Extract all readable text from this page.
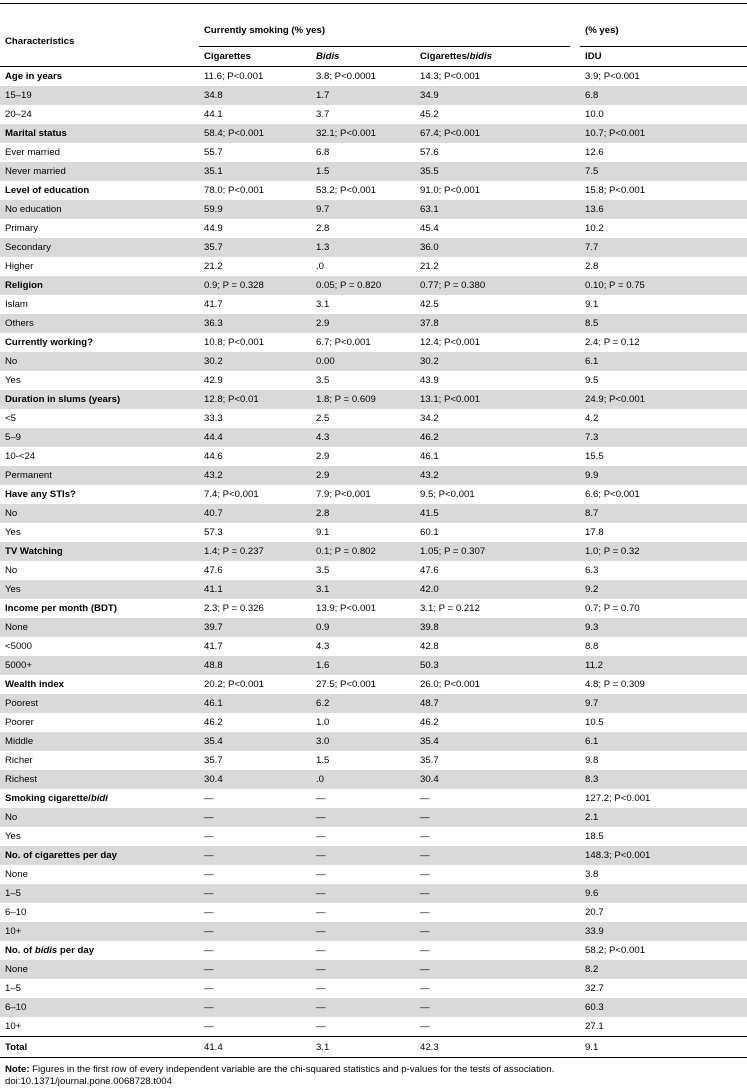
Characteristics	Currently smoking (% yes)				(% yes)
	Cigarettes	Bidis	Cigarettes/bidis		IDU
Age in years	11.6; P<0.001	3.8; P<0.0001	14.3; P<0.001		3.9; P<0.001
15–19	34.8	1.7	34.9		6.8
20–24	44.1	3.7	45.2		10.0
Marital status	58.4; P<0.001	32.1; P<0.001	67.4; P<0.001		10.7; P<0.001
Ever married	55.7	6.8	57.6		12.6
Never married	35.1	1.5	35.5		7.5
Level of education	78.0; P<0.001	53.2; P<0.001	91.0; P<0.001		15.8; P<0.001
No education	59.9	9.7	63.1		13.6
Primary	44.9	2.8	45.4		10.2
Secondary	35.7	1.3	36.0		7.7
Higher	21.2	.0	21.2		2.8
Religion	0.9; P = 0.328	0.05; P = 0.820	0.77; P = 0.380		0.10; P = 0.75
Islam	41.7	3.1	42.5		9.1
Others	36.3	2.9	37.8		8.5
Currently working?	10.8; P<0.001	6.7; P<0.001	12.4; P<0.001		2.4; P = 0.12
No	30.2	0.00	30.2		6.1
Yes	42.9	3.5	43.9		9.5
Duration in slums (years)	12.8; P<0.01	1.8; P = 0.609	13.1; P<0.001		24.9; P<0.001
<5	33.3	2.5	34.2		4.2
5–9	44.4	4.3	46.2		7.3
10-<24	44.6	2.9	46.1		15.5
Permanent	43.2	2.9	43.2		9.9
Have any STIs?	7.4; P<0.001	7.9; P<0.001	9.5; P<0.001		6.6; P<0.001
No	40.7	2.8	41.5		8.7
Yes	57.3	9.1	60.1		17.8
TV Watching	1.4; P = 0.237	0.1; P = 0.802	1.05; P = 0.307		1.0; P = 0.32
No	47.6	3.5	47.6		6.3
Yes	41.1	3.1	42.0		9.2
Income per month (BDT)	2.3; P = 0.326	13.9; P<0.001	3.1; P = 0.212		0.7; P = 0.70
None	39.7	0.9	39.8		9.3
<5000	41.7	4.3	42.8		8.8
5000+	48.8	1.6	50.3		11.2
Wealth index	20.2; P<0.001	27.5; P<0.001	26.0; P<0.001		4.8; P = 0.309
Poorest	46.1	6.2	48.7		9.7
Poorer	46.2	1.0	46.2		10.5
Middle	35.4	3.0	35.4		6.1
Richer	35.7	1.5	35.7		9.8
Richest	30.4	.0	30.4		8.3
Smoking cigarette/bidi	—	—	—		127.2; P<0.001
No	—	—	—		2.1
Yes	—	—	—		18.5
No. of cigarettes per day	—	—	—		148.3; P<0.001
None	—	—	—		3.8
1–5	—	—	—		9.6
6–10	—	—	—		20.7
10+	—	—	—		33.9
No. of bidis per day	—	—	—		58.2; P<0.001
None	—	—	—		8.2
1–5	—	—	—		32.7
6–10	—	—	—		60.3
10+	—	—	—		27.1
Total	41.4	3.1	42.3		9.1
Note: Figures in the first row of every independent variable are the chi-squared statistics and p-values for the tests of association.
doi:10.1371/journal.pone.0068728.t004
